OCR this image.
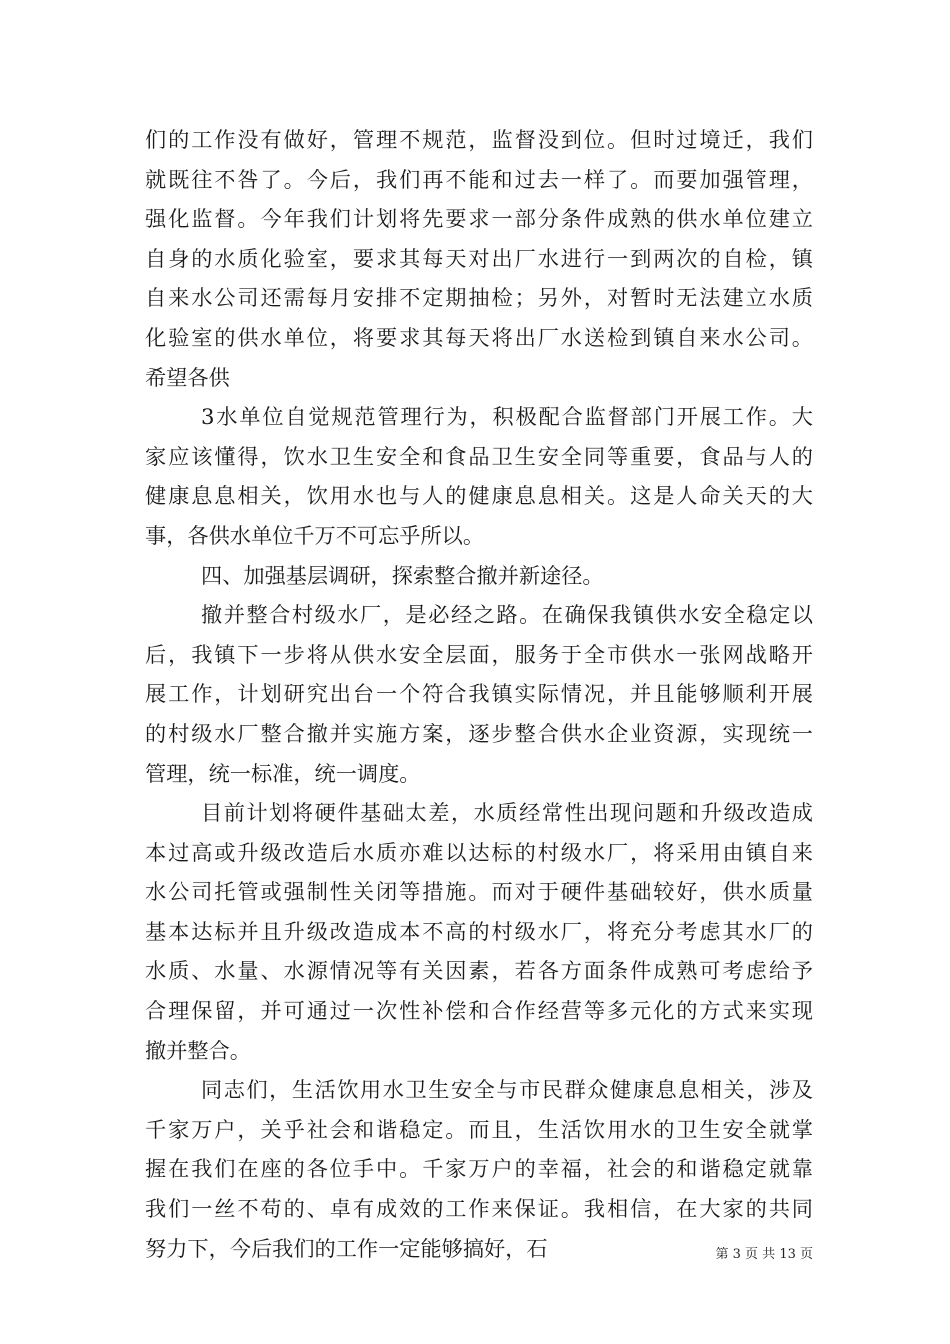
们的工作没有做好，管理不规范，监督没到位。但时过境迁，我们
就既往不咎了。今后，我们再不能和过去一样了。而要加强管理，
强化监督。今年我们计划将先要求一部分条件成熟的供水单位建立
自身的水质化验室，要求其每天对出厂水进行一到两次的自检，镇
自来水公司还需每月安排不定期抽检；另外，对暂时无法建立水质
化验室的供水单位，将要求其每天将出厂水送检到镇自来水公司。
希望各供
3水单位自觉规范管理行为，积极配合监督部门开展工作。大
家应该懂得，饮水卫生安全和食品卫生安全同等重要，食品与人的
健康息息相关，饮用水也与人的健康息息相关。这是人命关天的大
事，各供水单位千万不可忘乎所以。
四、加强基层调研，探索整合撤并新途径。
撤并整合村级水厂，是必经之路。在确保我镇供水安全稳定以
后，我镇下一步将从供水安全层面，服务于全市供水一张网战略开
展工作，计划研究出台一个符合我镇实际情况，并且能够顺利开展
的村级水厂整合撤并实施方案，逐步整合供水企业资源，实现统一
管理，统一标准，统一调度。
目前计划将硬件基础太差，水质经常性出现问题和升级改造成
本过高或升级改造后水质亦难以达标的村级水厂，将采用由镇自来
水公司托管或强制性关闭等措施。而对于硬件基础较好，供水质量
基本达标并且升级改造成本不高的村级水厂，将充分考虑其水厂的
水质、水量、水源情况等有关因素，若各方面条件成熟可考虑给予
合理保留，并可通过一次性补偿和合作经营等多元化的方式来实现
撤并整合。
同志们，生活饮用水卫生安全与市民群众健康息息相关，涉及
千家万户，关乎社会和谐稳定。而且，生活饮用水的卫生安全就掌
握在我们在座的各位手中。千家万户的幸福，社会的和谐稳定就靠
我们一丝不苟的、卓有成效的工作来保证。我相信，在大家的共同
努力下，今后我们的工作一定能够搞好，石	第 3 页 共 13 页
